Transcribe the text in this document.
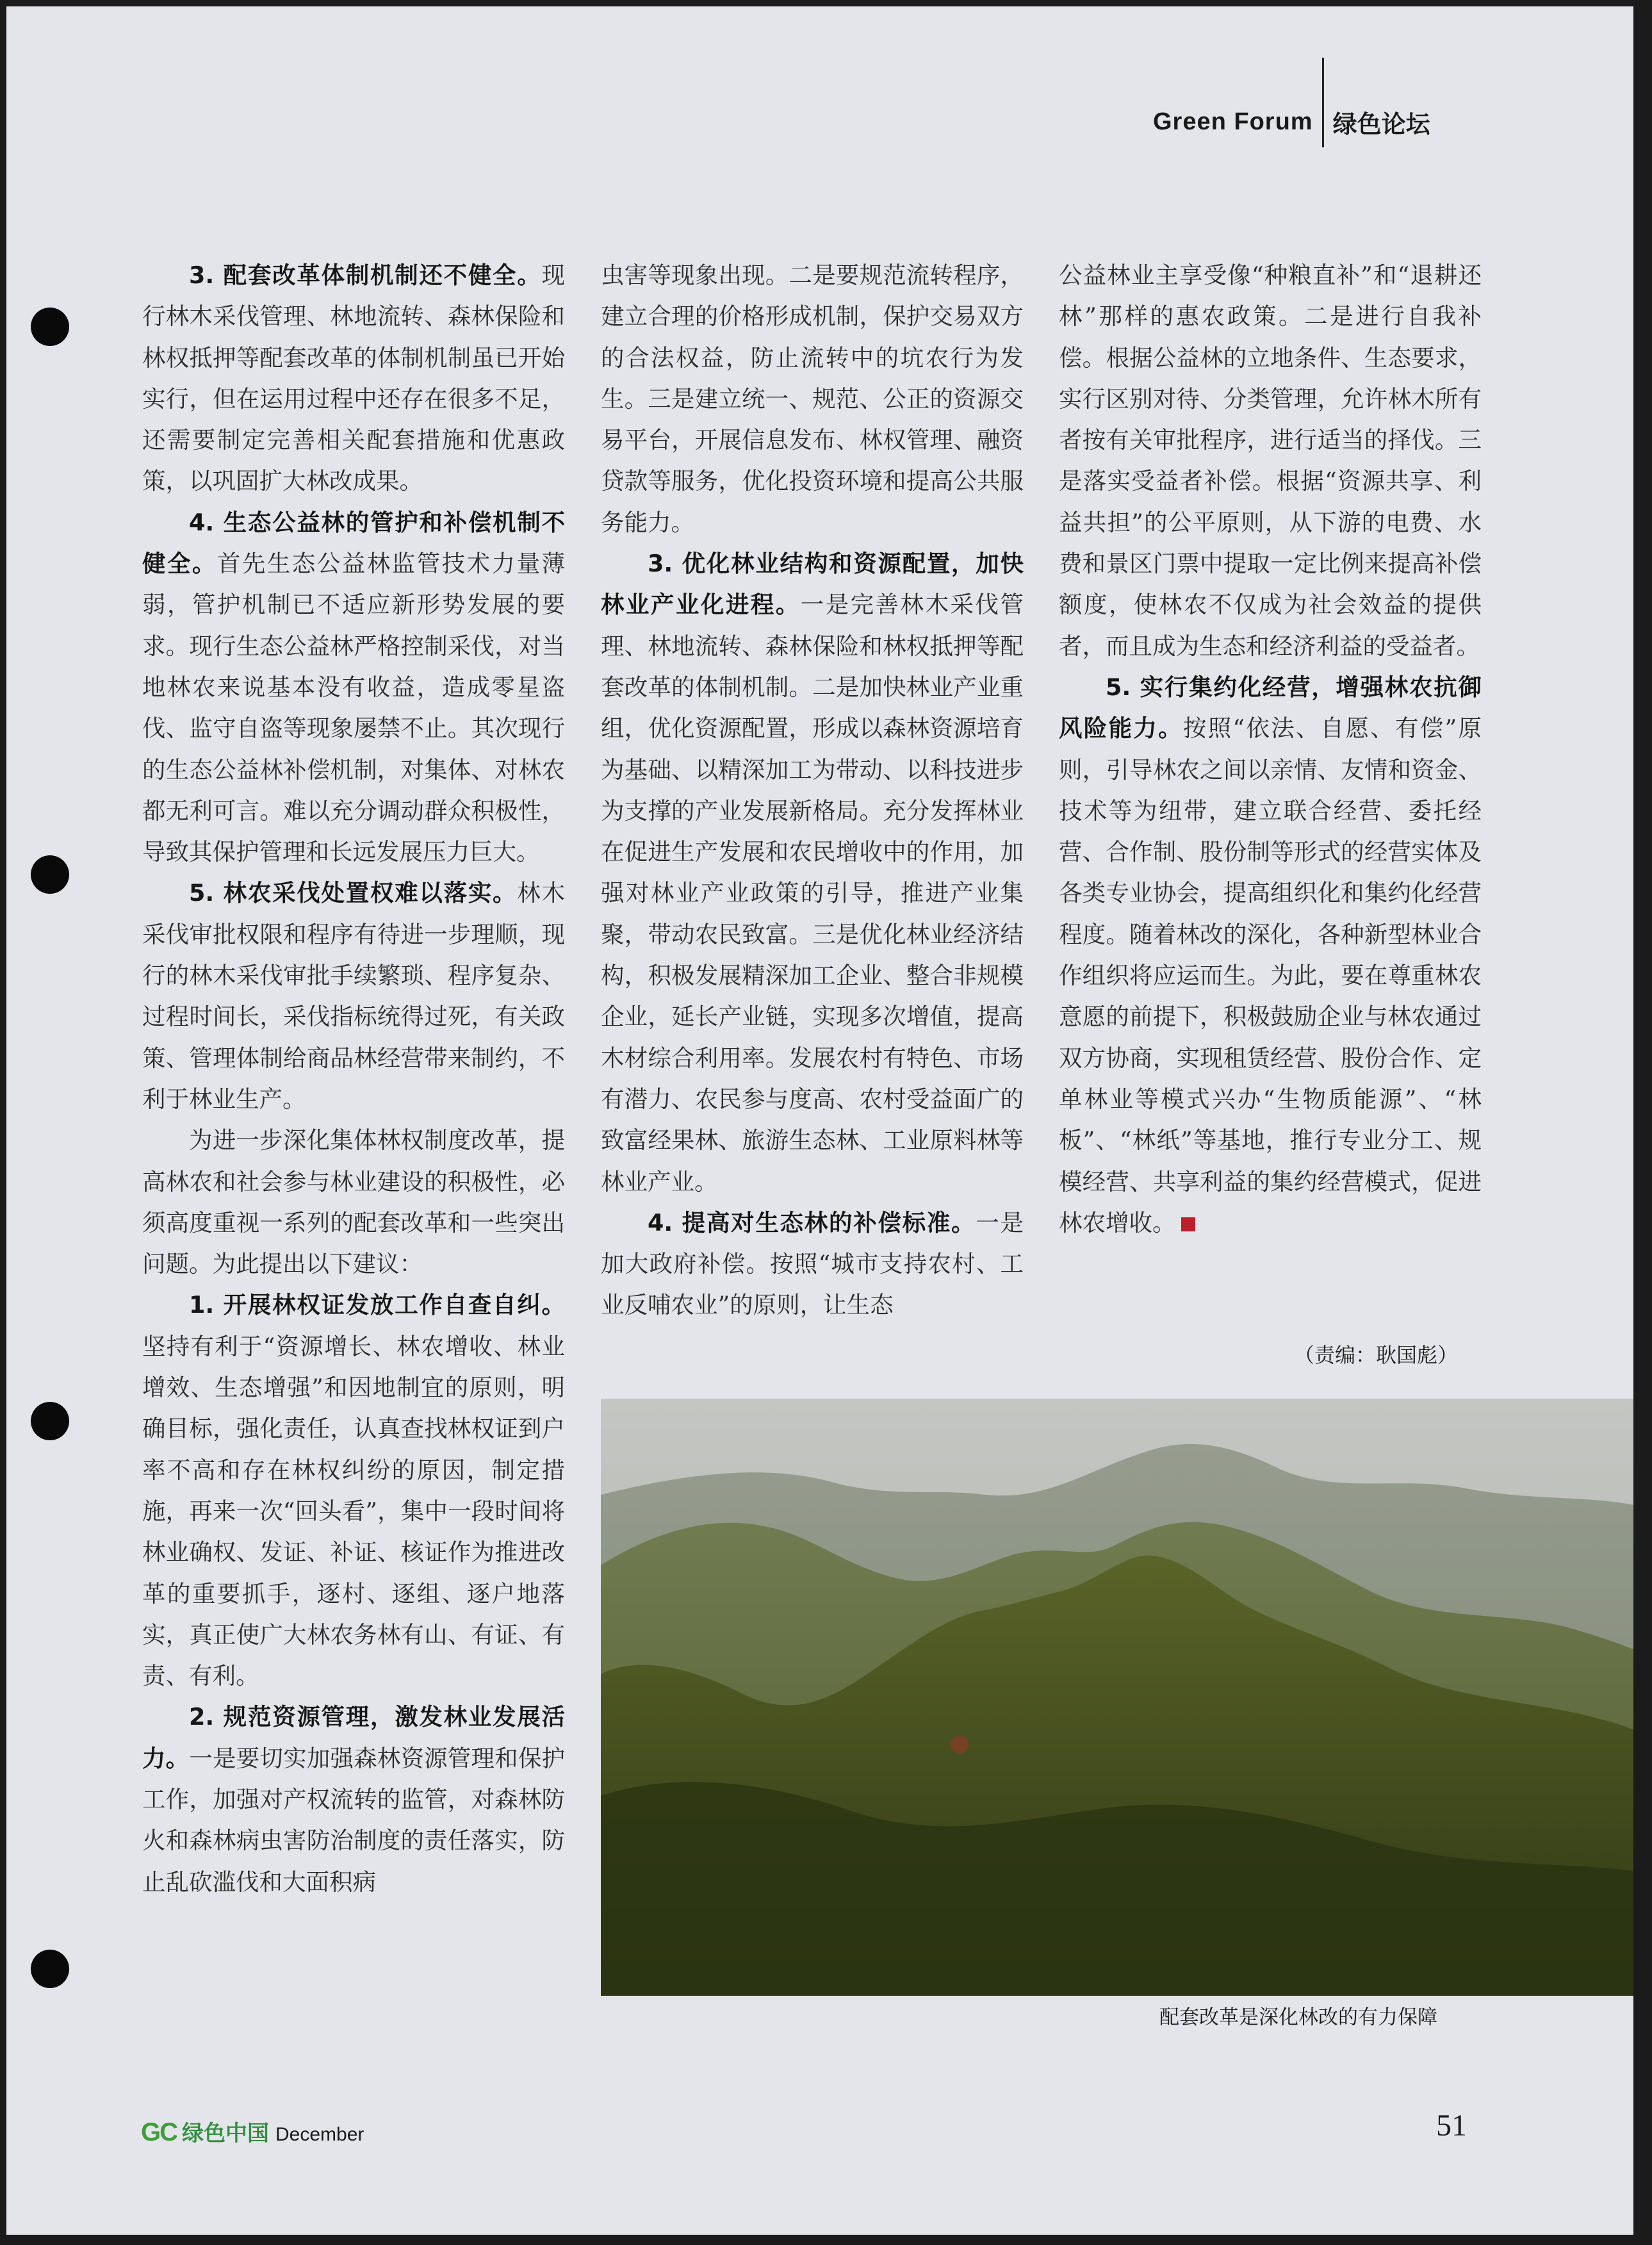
Green Forum 绿色论坛

3. 配套改革体制机制还不健全。现行林木采伐管理、林地流转、森林保险和林权抵押等配套改革的体制机制虽已开始实行，但在运用过程中还存在很多不足，还需要制定完善相关配套措施和优惠政策，以巩固扩大林改成果。

4. 生态公益林的管护和补偿机制不健全。首先生态公益林监管技术力量薄弱，管护机制已不适应新形势发展的要求。现行生态公益林严格控制采伐，对当地林农来说基本没有收益，造成零星盗伐、监守自盗等现象屡禁不止。其次现行的生态公益林补偿机制，对集体、对林农都无利可言。难以充分调动群众积极性，导致其保护管理和长远发展压力巨大。

5. 林农采伐处置权难以落实。林木采伐审批权限和程序有待进一步理顺，现行的林木采伐审批手续繁琐、程序复杂、过程时间长，采伐指标统得过死，有关政策、管理体制给商品林经营带来制约，不利于林业生产。

为进一步深化集体林权制度改革，提高林农和社会参与林业建设的积极性，必须高度重视一系列的配套改革和一些突出问题。为此提出以下建议：

1. 开展林权证发放工作自查自纠。坚持有利于“资源增长、林农增收、林业增效、生态增强”和因地制宜的原则，明确目标，强化责任，认真查找林权证到户率不高和存在林权纠纷的原因，制定措施，再来一次“回头看”，集中一段时间将林业确权、发证、补证、核证作为推进改革的重要抓手，逐村、逐组、逐户地落实，真正使广大林农务林有山、有证、有责、有利。

2. 规范资源管理，激发林业发展活力。一是要切实加强森林资源管理和保护工作，加强对产权流转的监管，对森林防火和森林病虫害防治制度的责任落实，防止乱砍滥伐和大面积病

虫害等现象出现。二是要规范流转程序，建立合理的价格形成机制，保护交易双方的合法权益，防止流转中的坑农行为发生。三是建立统一、规范、公正的资源交易平台，开展信息发布、林权管理、融资贷款等服务，优化投资环境和提高公共服务能力。

3. 优化林业结构和资源配置，加快林业产业化进程。一是完善林木采伐管理、林地流转、森林保险和林权抵押等配套改革的体制机制。二是加快林业产业重组，优化资源配置，形成以森林资源培育为基础、以精深加工为带动、以科技进步为支撑的产业发展新格局。充分发挥林业在促进生产发展和农民增收中的作用，加强对林业产业政策的引导，推进产业集聚，带动农民致富。三是优化林业经济结构，积极发展精深加工企业、整合非规模企业，延长产业链，实现多次增值，提高木材综合利用率。发展农村有特色、市场有潜力、农民参与度高、农村受益面广的致富经果林、旅游生态林、工业原料林等林业产业。

4. 提高对生态林的补偿标准。一是加大政府补偿。按照“城市支持农村、工业反哺农业”的原则，让生态

公益林业主享受像“种粮直补”和“退耕还林”那样的惠农政策。二是进行自我补偿。根据公益林的立地条件、生态要求，实行区别对待、分类管理，允许林木所有者按有关审批程序，进行适当的择伐。三是落实受益者补偿。根据“资源共享、利益共担”的公平原则，从下游的电费、水费和景区门票中提取一定比例来提高补偿额度，使林农不仅成为社会效益的提供者，而且成为生态和经济利益的受益者。

5. 实行集约化经营，增强林农抗御风险能力。按照“依法、自愿、有偿”原则，引导林农之间以亲情、友情和资金、技术等为纽带，建立联合经营、委托经营、合作制、股份制等形式的经营实体及各类专业协会，提高组织化和集约化经营程度。随着林改的深化，各种新型林业合作组织将应运而生。为此，要在尊重林农意愿的前提下，积极鼓励企业与林农通过双方协商，实现租赁经营、股份合作、定单林业等模式兴办“生物质能源”、“林板”、“林纸”等基地，推行专业分工、规模经营、共享利益的集约经营模式，促进林农增收。

（责编：耿国彪）
配套改革是深化林改的有力保障
GC 绿色中国 December	51
